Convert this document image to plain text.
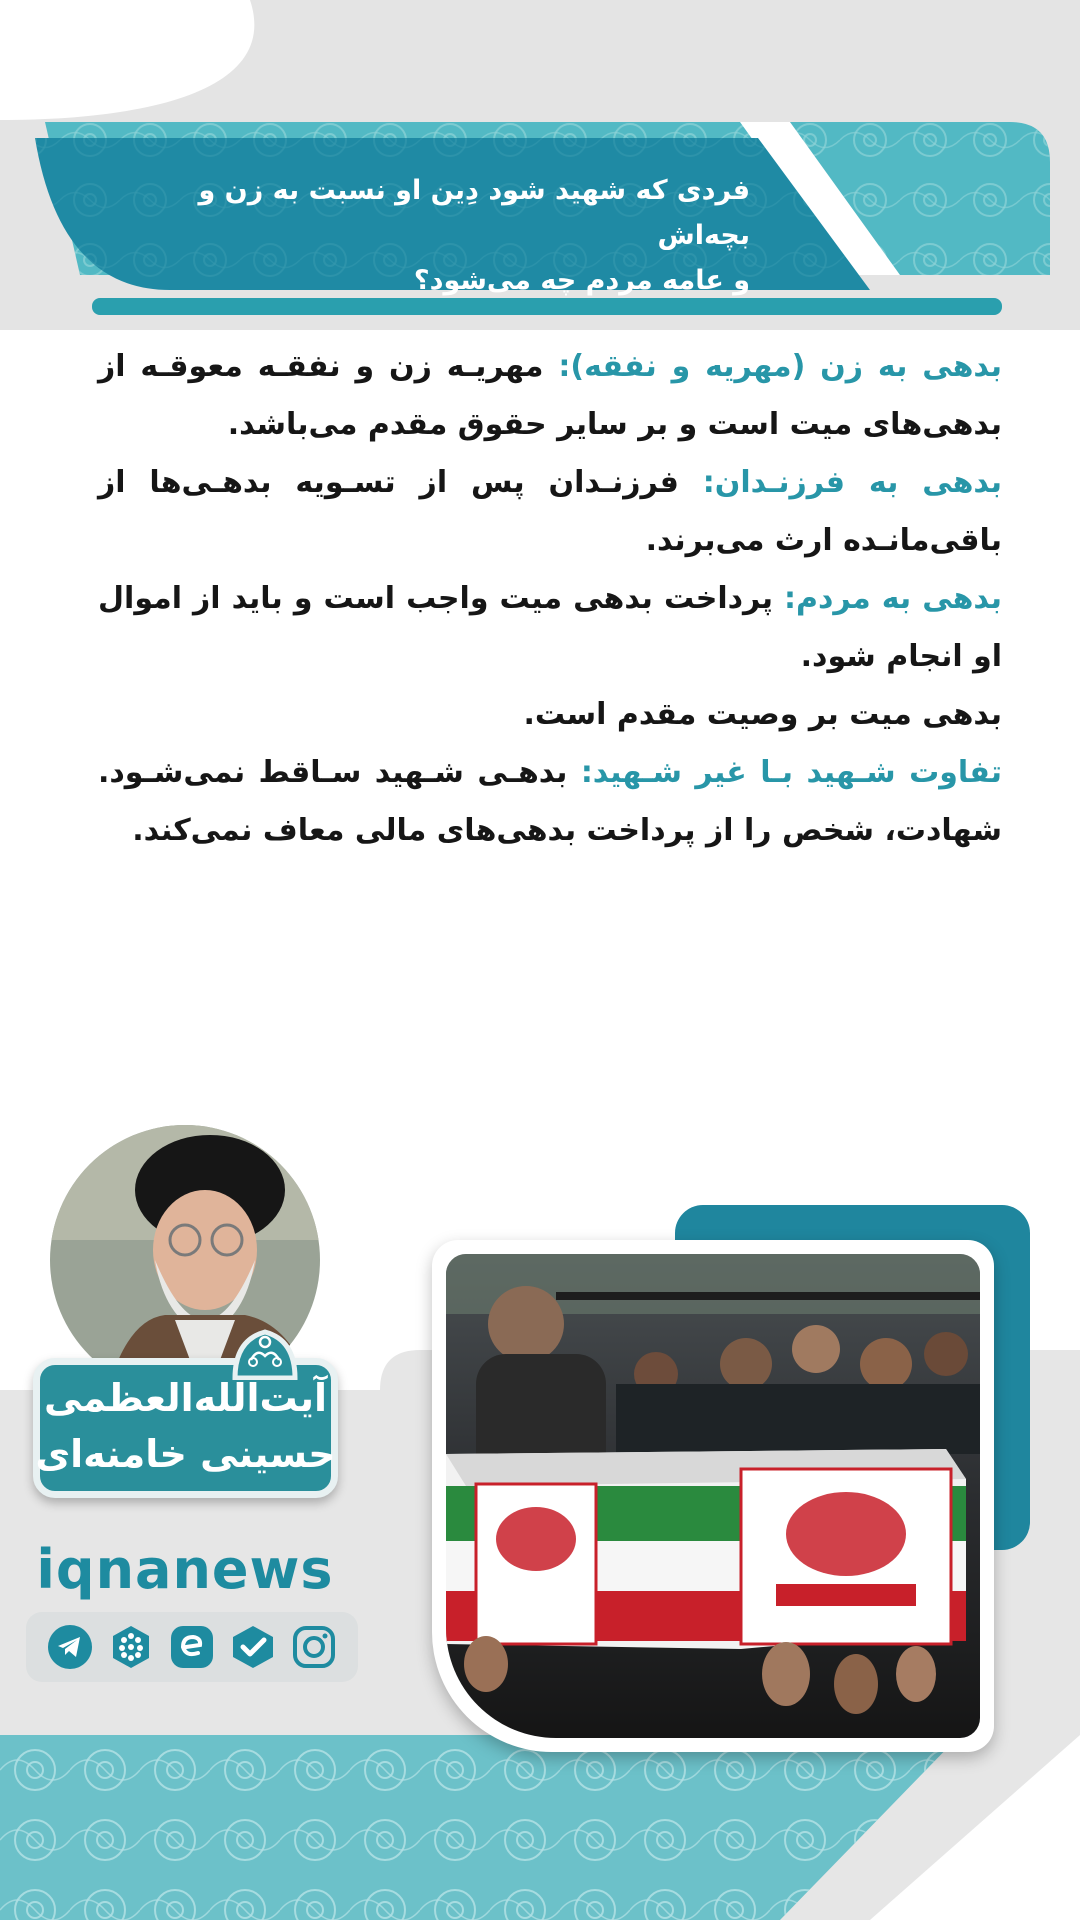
فردی که شهید شود دِین او نسبت به زن و بچه‌اش
و عامه مردم چه می‌شود؟

بدهی به زن (مهریه و نفقه): مهریـه زن و نفقـه معوقـه از بدهی‌های میت است و بر سایر حقوق مقدم می‌باشد.

بدهی به فرزنـدان: فرزنـدان پس از تسـویه بدهـی‌ها از باقی‌مانـده ارث می‌برند.

بدهی به مردم: پرداخت بدهی میت واجب است و باید از اموال او انجام شود.

بدهی میت بر وصیت مقدم است.

تفاوت شـهید بـا غیر شـهید: بدهـی شـهید سـاقط نمی‌شـود. شهادت، شخص را از پرداخت بدهی‌های مالی معاف نمی‌کند.

آیت‌الله‌العظمی
حسینی خامنه‌ای
iqnanews
